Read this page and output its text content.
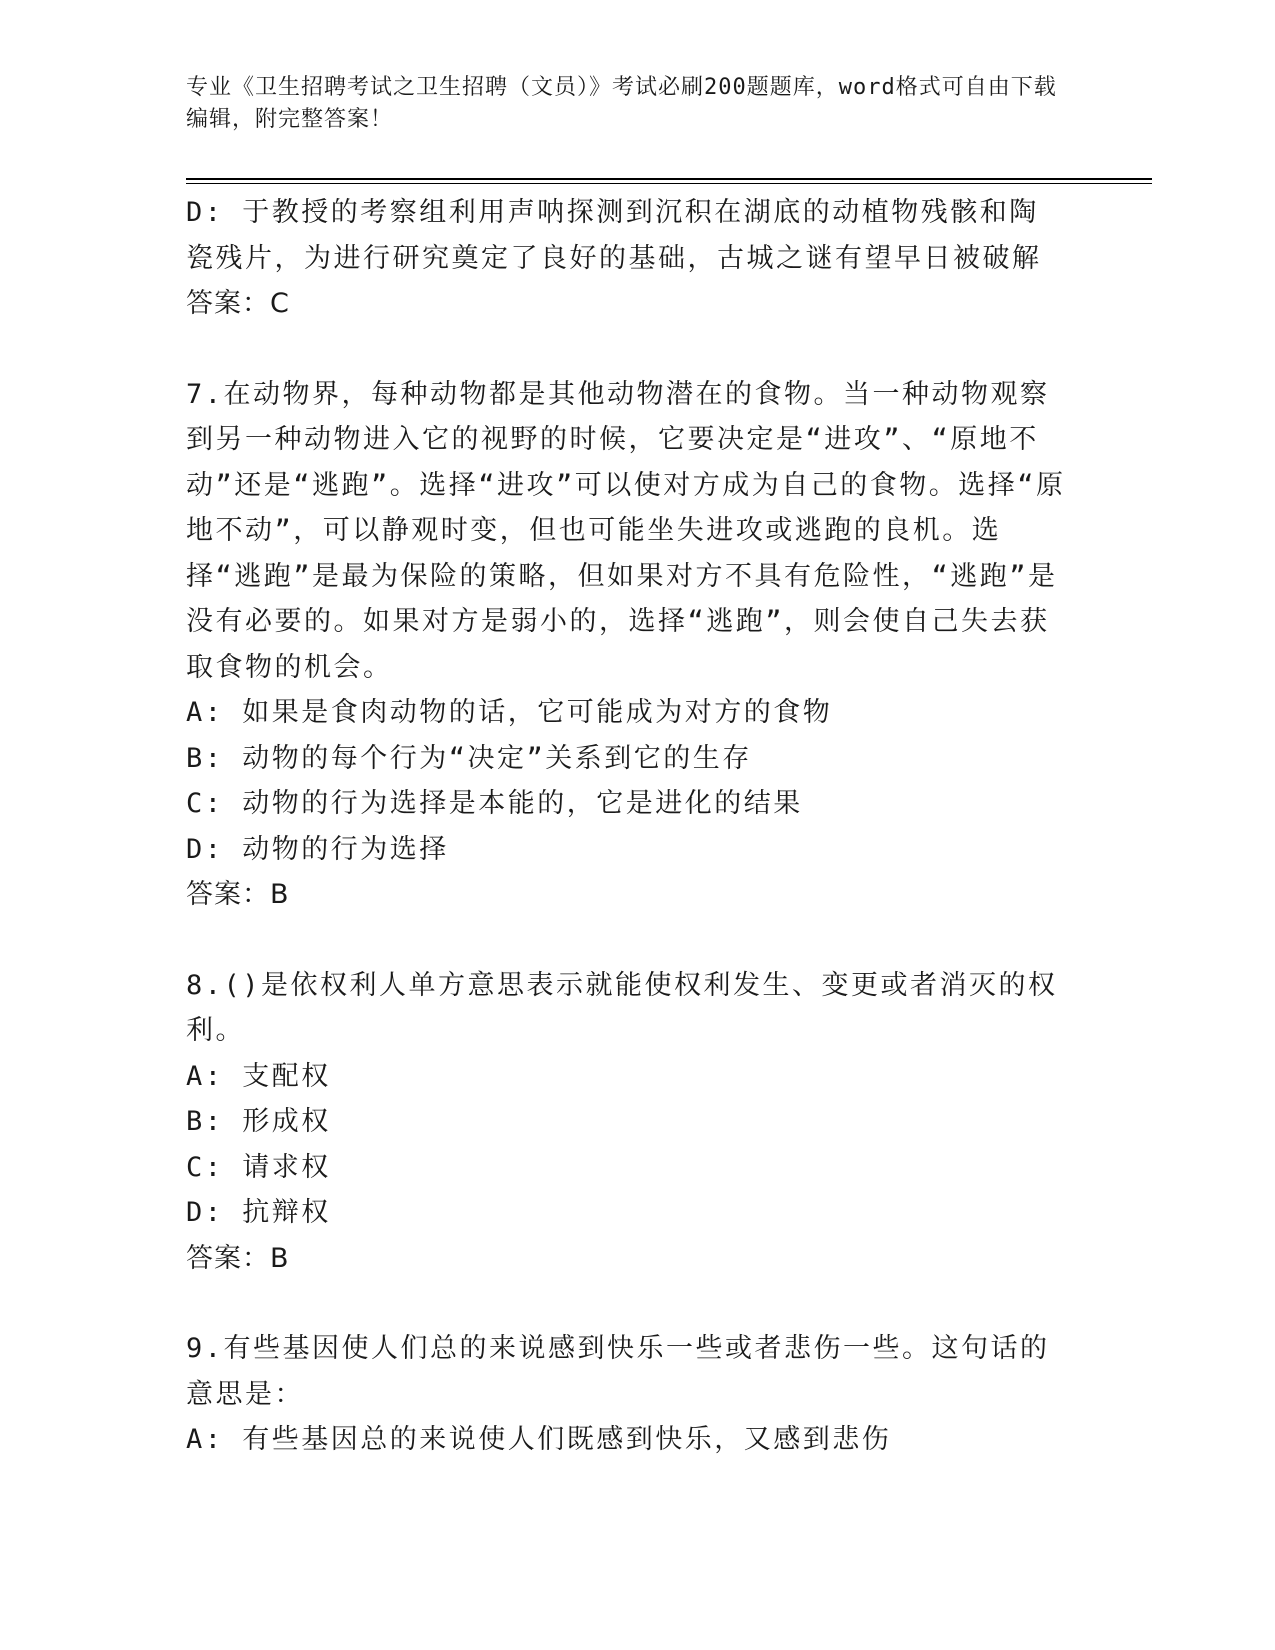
专业《卫生招聘考试之卫生招聘（文员）》考试必刷200题题库，word格式可自由下载编辑，附完整答案！

D: 于教授的考察组利用声呐探测到沉积在湖底的动植物残骸和陶瓷残片，为进行研究奠定了良好的基础，古城之谜有望早日被破解

答案：C

7.在动物界，每种动物都是其他动物潜在的食物。当一种动物观察到另一种动物进入它的视野的时候，它要决定是“进攻”、“原地不动”还是“逃跑”。选择“进攻”可以使对方成为自己的食物。选择“原地不动”，可以静观时变，但也可能坐失进攻或逃跑的良机。选择“逃跑”是最为保险的策略，但如果对方不具有危险性，“逃跑”是没有必要的。如果对方是弱小的，选择“逃跑”，则会使自己失去获取食物的机会。

A: 如果是食肉动物的话，它可能成为对方的食物

B: 动物的每个行为“决定”关系到它的生存

C: 动物的行为选择是本能的，它是进化的结果

D: 动物的行为选择

答案：B

8.()是依权利人单方意思表示就能使权利发生、变更或者消灭的权利。

A: 支配权

B: 形成权

C: 请求权

D: 抗辩权

答案：B

9.有些基因使人们总的来说感到快乐一些或者悲伤一些。这句话的意思是：

A: 有些基因总的来说使人们既感到快乐，又感到悲伤
